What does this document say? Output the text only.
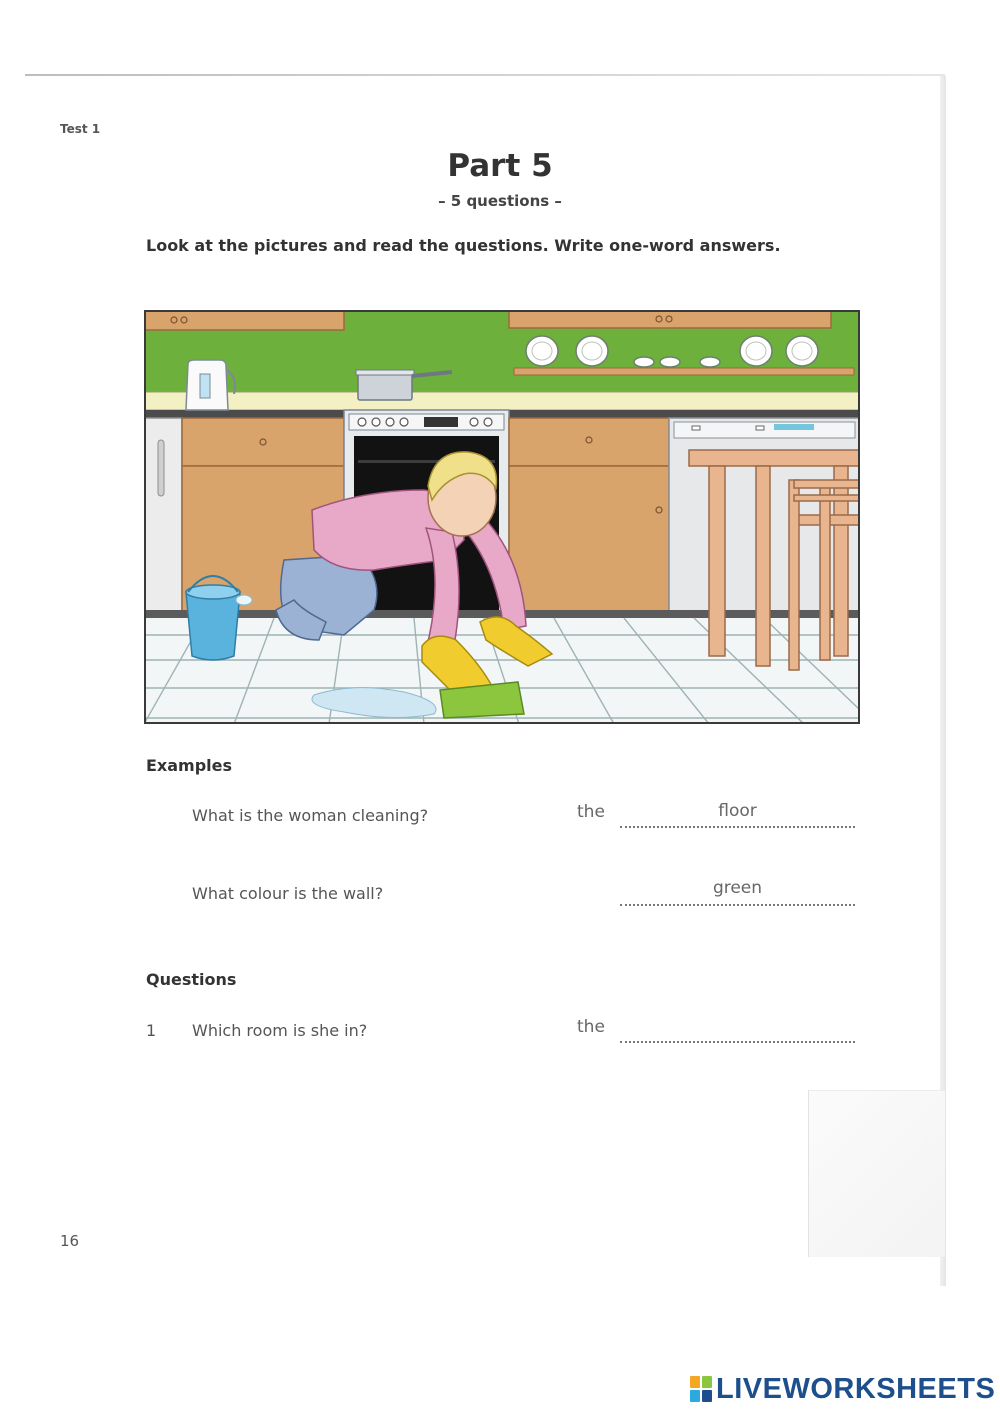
Test 1
Part 5
– 5 questions –
Look at the pictures and read the questions. Write one-word answers.
Examples
What is the woman cleaning?	the	floor
What colour is the wall?	green
Questions
1 Which room is she in?	the
16
LIVEWORKSHEETS
